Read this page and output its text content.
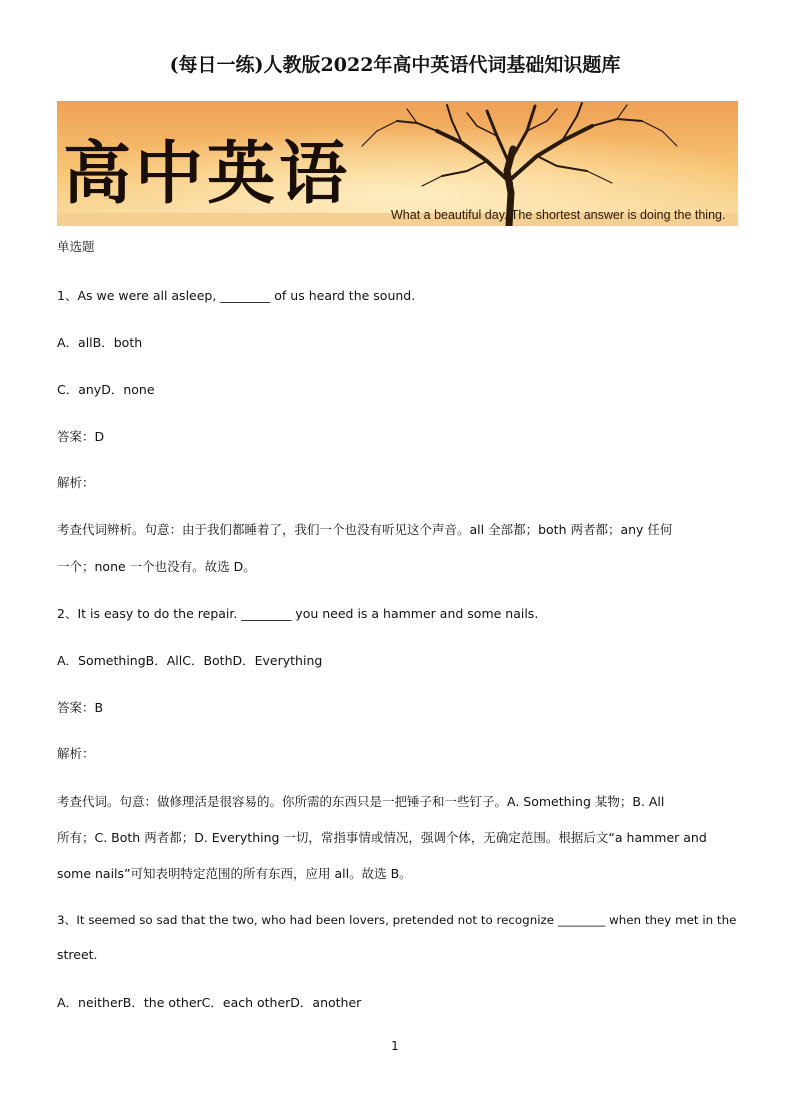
(每日一练)人教版2022年高中英语代词基础知识题库
高中英语
What a beautiful day. The shortest answer is doing the thing.
单选题
1、As we were all asleep, ________ of us heard the sound.
A．allB．both
C．anyD．none
答案：D
解析：
考查代词辨析。句意：由于我们都睡着了，我们一个也没有听见这个声音。all 全部都；both 两者都；any 任何
一个；none 一个也没有。故选 D。
2、It is easy to do the repair. ________ you need is a hammer and some nails.
A．SomethingB．AllC．BothD．Everything
答案：B
解析：
考查代词。句意：做修理活是很容易的。你所需的东西只是一把锤子和一些钉子。A. Something 某物；B. All
所有；C. Both 两者都；D. Everything 一切，常指事情或情况，强调个体，无确定范围。根据后文“a hammer and
some nails”可知表明特定范围的所有东西，应用 all。故选 B。
3、It seemed so sad that the two, who had been lovers, pretended not to recognize ________ when they met in the
street.
A．neitherB．the otherC．each otherD．another
1
